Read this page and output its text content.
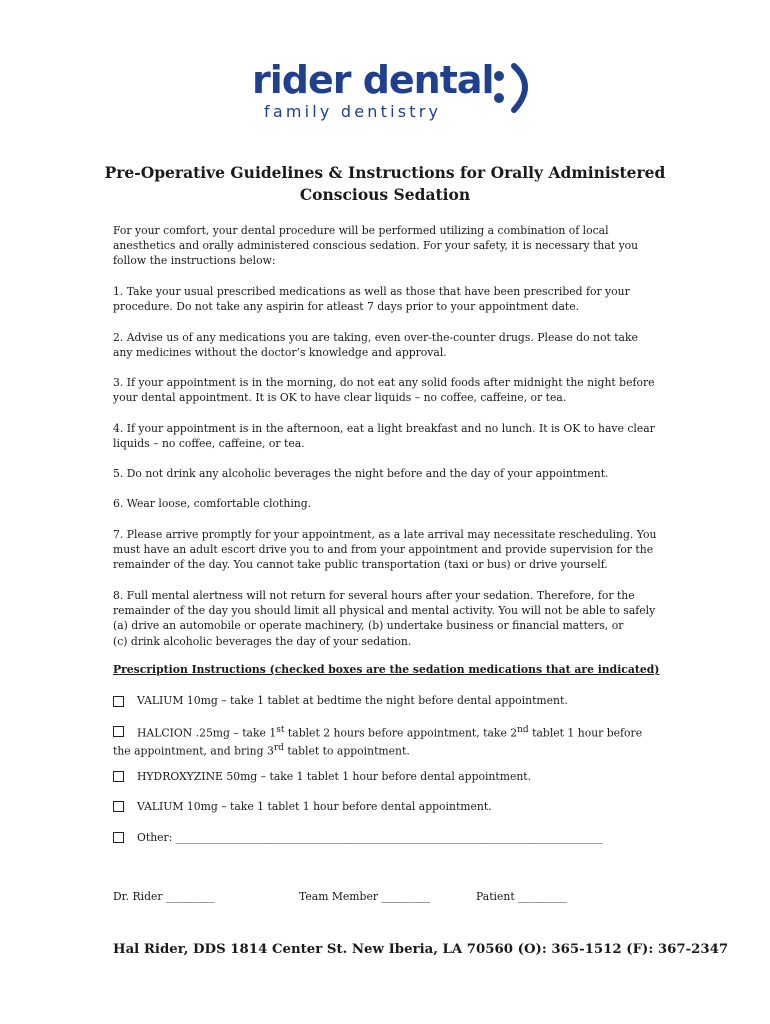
rider dental
family dentistry
Pre-Operative Guidelines & Instructions for Orally Administered
Conscious Sedation
For your comfort, your dental procedure will be performed utilizing a combination of local anesthetics and orally administered conscious sedation. For your safety, it is necessary that you follow the instructions below:
1. Take your usual prescribed medications as well as those that have been prescribed for your procedure. Do not take any aspirin for atleast 7 days prior to your appointment date.
2. Advise us of any medications you are taking, even over-the-counter drugs. Please do not take any medicines without the doctor’s knowledge and approval.
3. If your appointment is in the morning, do not eat any solid foods after midnight the night before your dental appointment. It is OK to have clear liquids – no coffee, caffeine, or tea.
4. If your appointment is in the afternoon, eat a light breakfast and no lunch. It is OK to have clear liquids – no coffee, caffeine, or tea.
5. Do not drink any alcoholic beverages the night before and the day of your appointment.
6. Wear loose, comfortable clothing.
7. Please arrive promptly for your appointment, as a late arrival may necessitate rescheduling. You must have an adult escort drive you to and from your appointment and provide supervision for the remainder of the day. You cannot take public transportation (taxi or bus) or drive yourself.
8. Full mental alertness will not return for several hours after your sedation. Therefore, for the remainder of the day you should limit all physical and mental activity. You will not be able to safely
(a) drive an automobile or operate machinery, (b) undertake business or financial matters, or
(c) drink alcoholic beverages the day of your sedation.
Prescription Instructions (checked boxes are the sedation medications that are indicated)
VALIUM 10mg – take 1 tablet at bedtime the night before dental appointment.
HALCION .25mg – take 1st tablet 2 hours before appointment, take 2nd tablet 1 hour before the appointment, and bring 3rd tablet to appointment.
HYDROXYZINE 50mg – take 1 tablet 1 hour before dental appointment.
VALIUM 10mg – take 1 tablet 1 hour before dental appointment.
Other: _______________________________________________________________________________
Dr. Rider _________	Team Member _________	Patient _________
Hal Rider, DDS 1814 Center St. New Iberia, LA 70560 (O): 365-1512 (F): 367-2347
